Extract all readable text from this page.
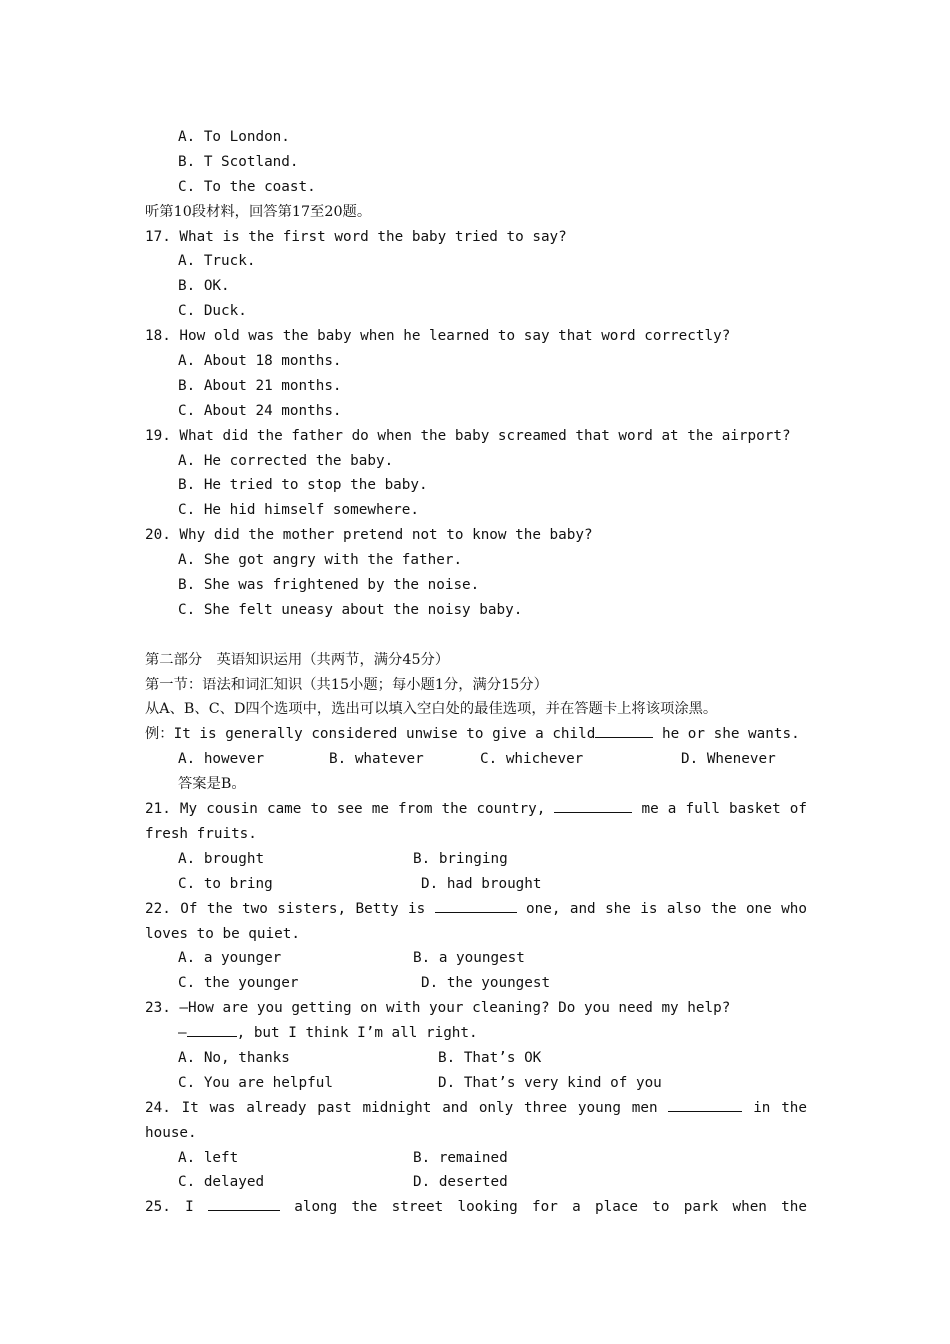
A. To London.
B. T Scotland.
C. To the coast.
听第10段材料，回答第17至20题。
17. What is the first word the baby tried to say?
A. Truck.
B. OK.
C. Duck.
18. How old was the baby when he learned to say that word correctly?
A. About 18 months.
B. About 21 months.
C. About 24 months.
19. What did the father do when the baby screamed that word at the airport?
A. He corrected the baby.
B. He tried to stop the baby.
C. He hid himself somewhere.
20. Why did the mother pretend not to know the baby?
A. She got angry with the father.
B. She was frightened by the noise.
C. She felt uneasy about the noisy baby.
第二部分　英语知识运用（共两节，满分45分）
第一节：语法和词汇知识（共15小题；每小题1分，满分15分）
从A、B、C、D四个选项中，选出可以填入空白处的最佳选项，并在答题卡上将该项涂黑。
例：It is generally considered unwise to give a child	he or she wants.
A. however	B. whatever	C. whichever	D. Whenever
答案是B。
21. My cousin came to see me from the country,	me a full basket of
fresh fruits.
A. brought	B. bringing
C. to bring	D. had brought
22. Of the two sisters, Betty is	one, and she is also the one who
loves to be quiet.
A. a younger	B. a youngest
C. the younger	D. the youngest
23. —How are you getting on with your cleaning? Do you need my help?
—	, but I think I’m all right.
A. No, thanks	B. That’s OK
C. You are helpful	D. That’s very kind of you
24. It was already past midnight and only three young men	in the
house.
A. left	B. remained
C. delayed	D. deserted
25. I	along the street looking for a place to park when the
